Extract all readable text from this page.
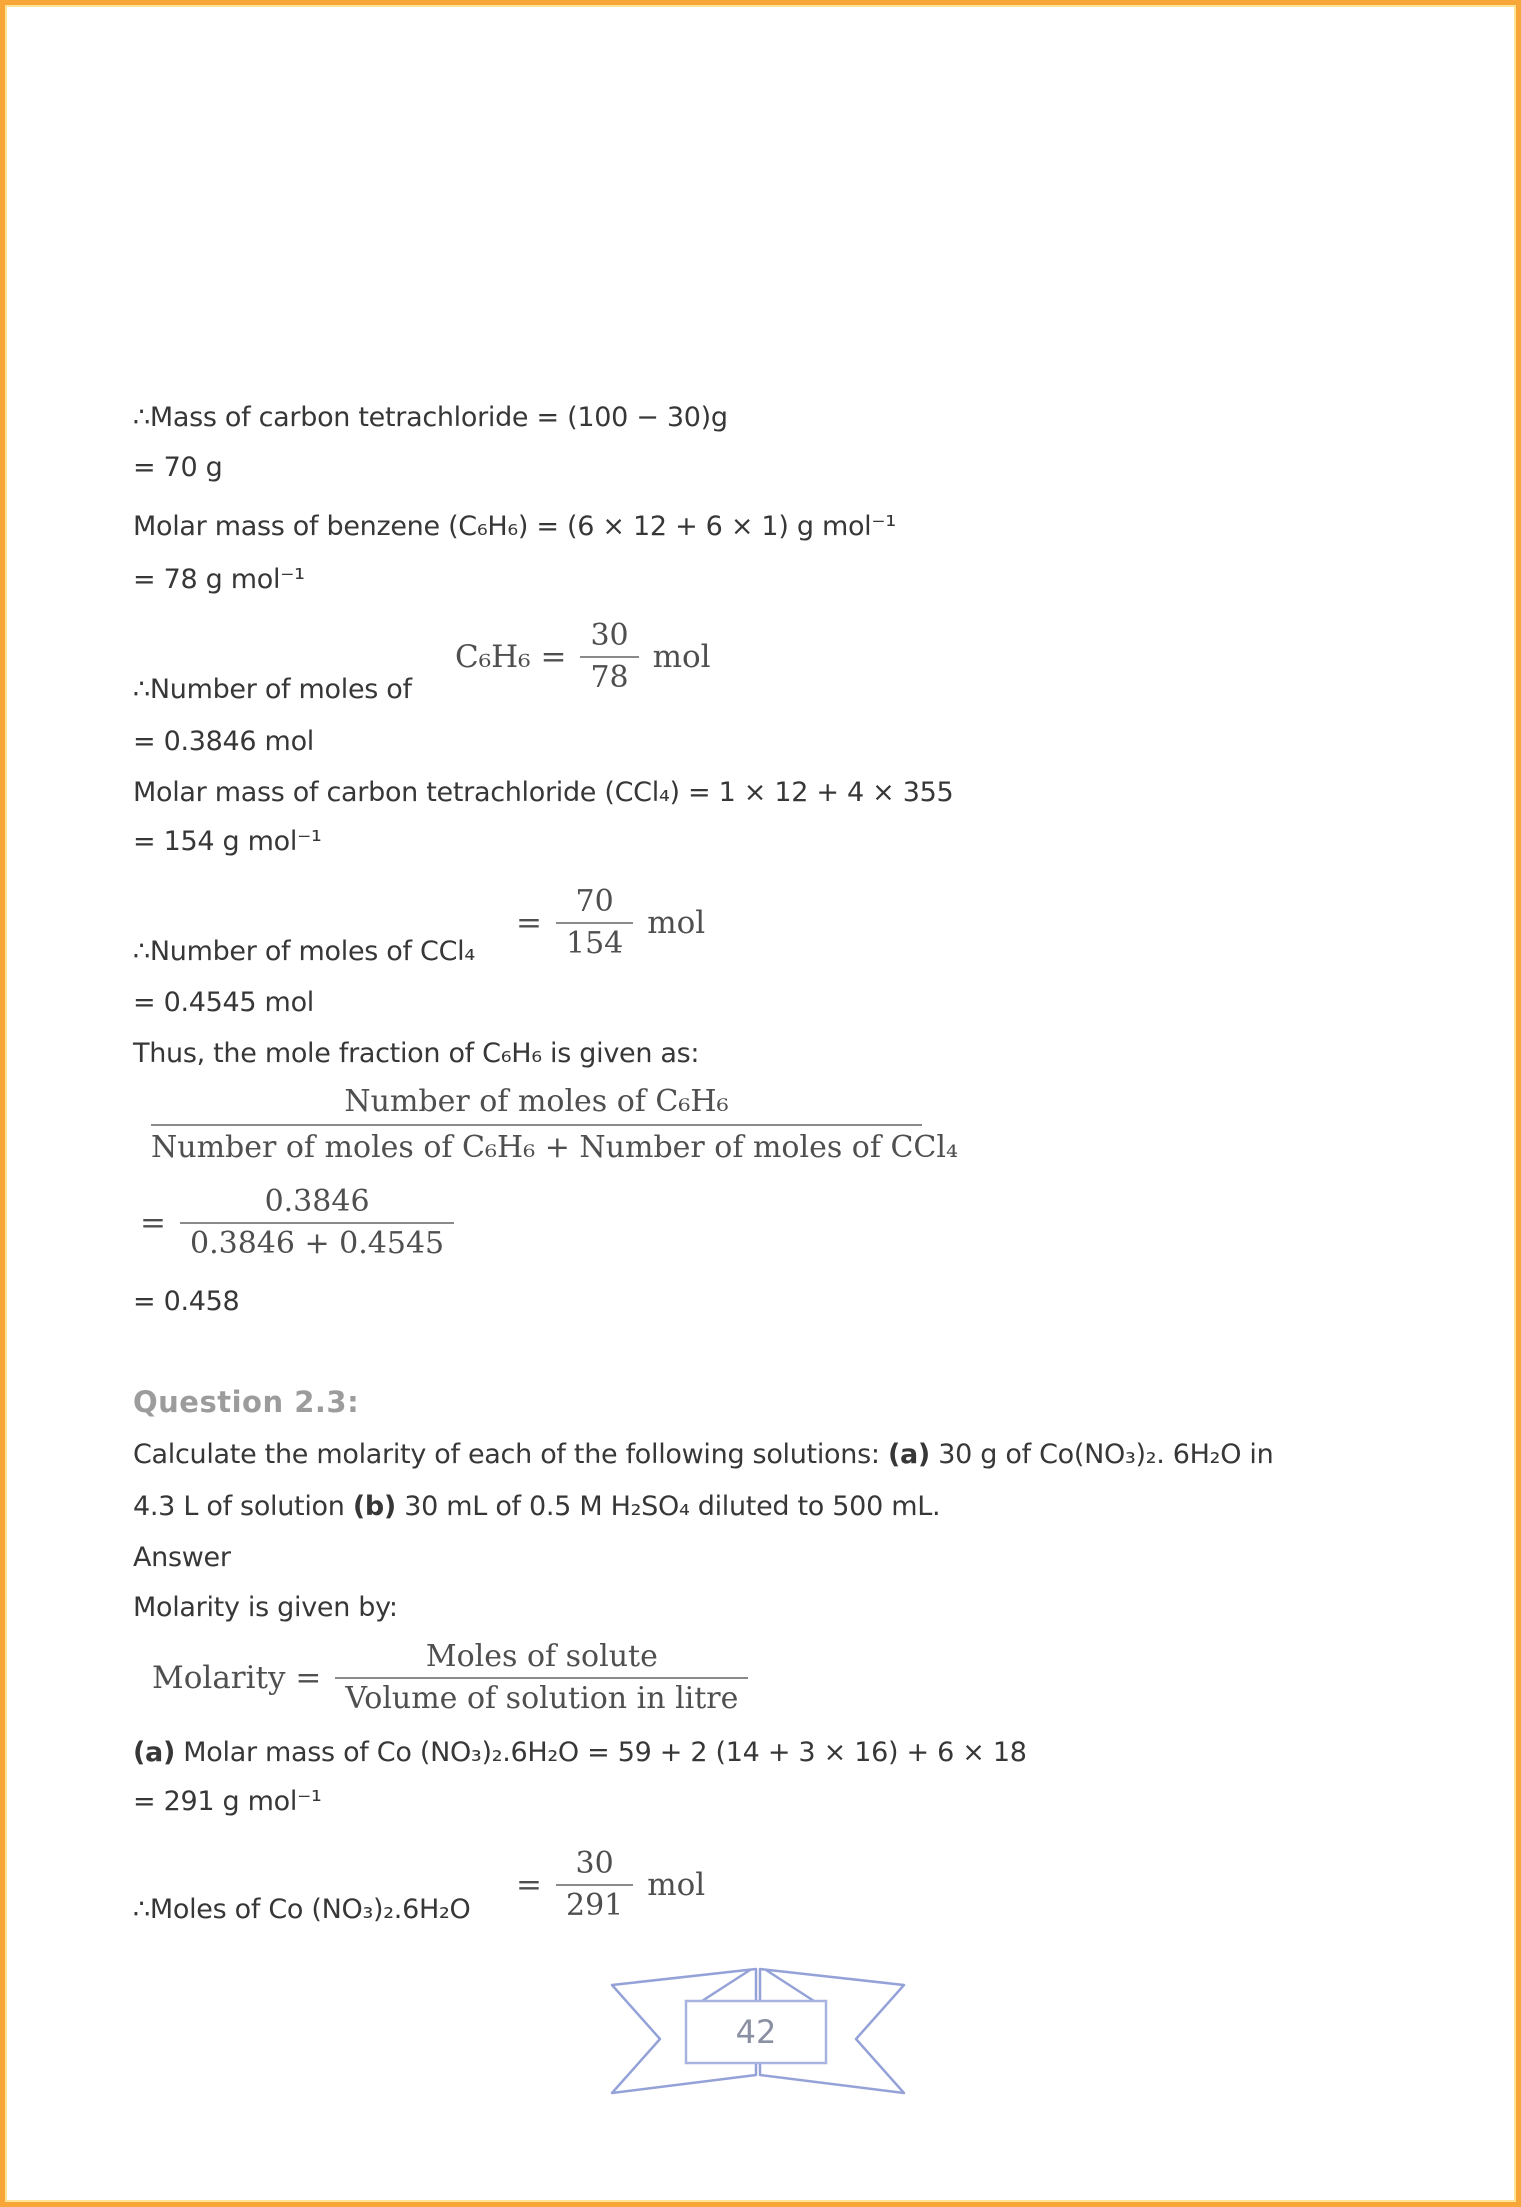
∴Mass of carbon tetrachloride = (100 − 30)g
= 70 g
Molar mass of benzene (C₆H₆) = (6 × 12 + 6 × 1) g mol⁻¹
= 78 g mol⁻¹
$C_6H_6 = \frac{30}{78}$ mol
∴Number of moles of
= 0.3846 mol
Molar mass of carbon tetrachloride (CCl₄) = 1 × 12 + 4 × 355
= 154 g mol⁻¹
= $\frac{70}{154}$ mol
∴Number of moles of CCl₄
= 0.4545 mol
Thus, the mole fraction of C₆H₆ is given as:
Number of moles of C₆H₆
Number of moles of C₆H₆ + Number of moles of CCl₄
= $\frac{0.3846}{0.3846 + 0.4545}$
= 0.458
Question 2.3:
Calculate the molarity of each of the following solutions: (a) 30 g of Co(NO₃)₂. 6H₂O in
4.3 L of solution (b) 30 mL of 0.5 M H₂SO₄ diluted to 500 mL.
Answer
Molarity is given by:
Molarity = $\frac{\text{Moles of solute}}{\text{Volume of solution in litre}}$
(a) Molar mass of Co (NO₃)₂.6H₂O = 59 + 2 (14 + 3 × 16) + 6 × 18
= 291 g mol⁻¹
= $\frac{30}{291}$ mol
∴Moles of Co (NO₃)₂.6H₂O
42
